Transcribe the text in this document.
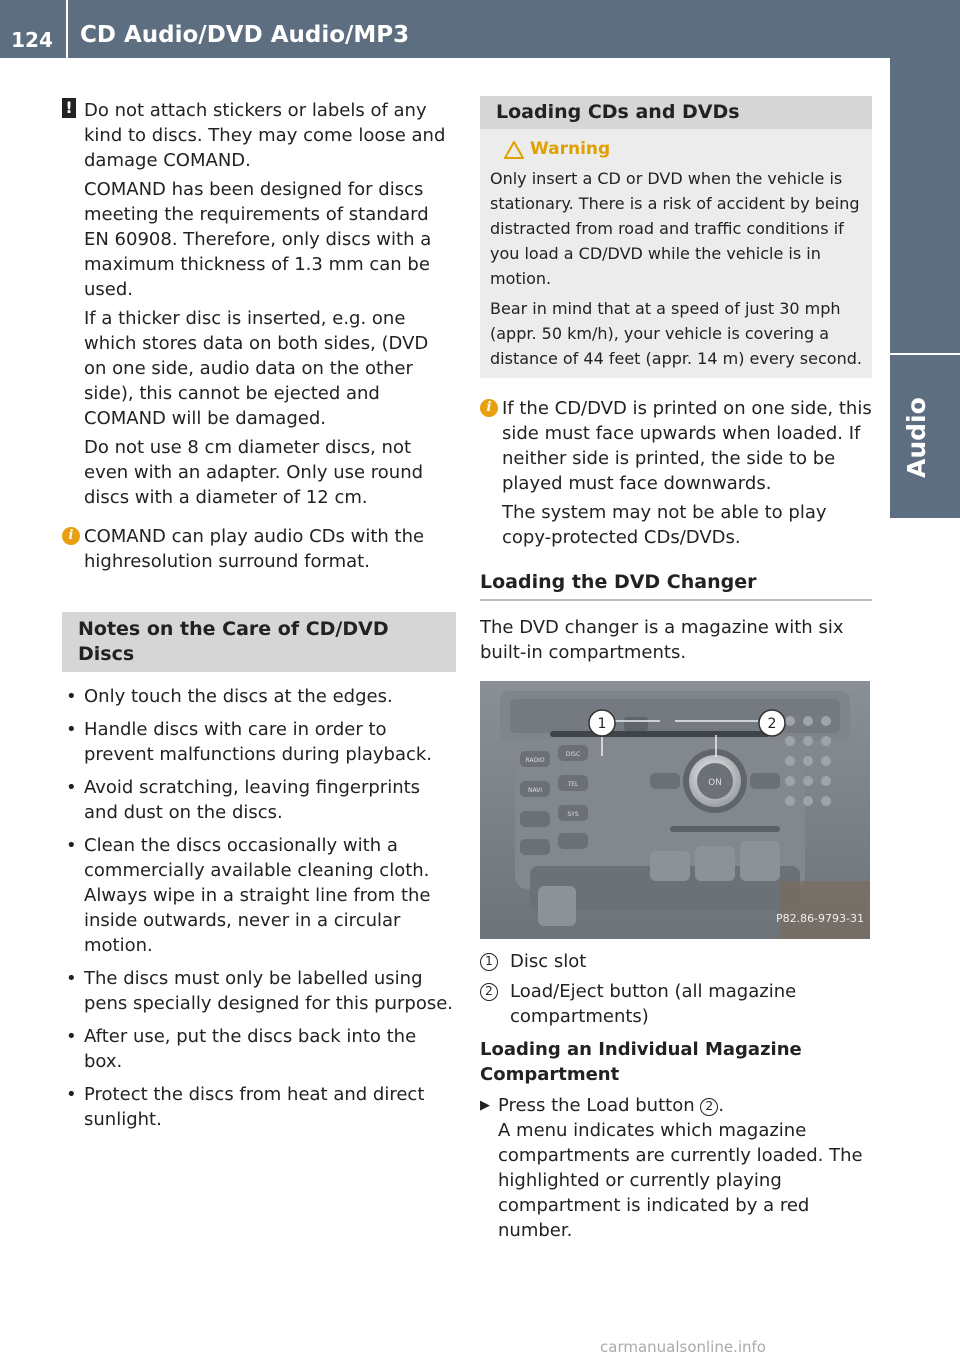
124	CD Audio/DVD Audio/MP3
Audio
! Do not attach stickers or labels of any kind to discs. They may come loose and damage COMAND.

COMAND has been designed for discs meeting the requirements of standard EN 60908. Therefore, only discs with a maximum thickness of 1.3 mm can be used.

If a thicker disc is inserted, e.g. one which stores data on both sides, (DVD on one side, audio data on the other side), this cannot be ejected and COMAND will be damaged.

Do not use 8 cm diameter discs, not even with an adapter. Only use round discs with a diameter of 12 cm.

i COMAND can play audio CDs with the highresolution surround format.

Notes on the Care of CD/DVD Discs
• Only touch the discs at the edges.
• Handle discs with care in order to prevent malfunctions during playback.
• Avoid scratching, leaving fingerprints and dust on the discs.
• Clean the discs occasionally with a commercially available cleaning cloth. Always wipe in a straight line from the inside outwards, never in a circular motion.
• The discs must only be labelled using pens specially designed for this purpose.
• After use, put the discs back into the box.
• Protect the discs from heat and direct sunlight.
Loading CDs and DVDs
Warning

Only insert a CD or DVD when the vehicle is stationary. There is a risk of accident by being distracted from road and traffic conditions if you load a CD/DVD while the vehicle is in motion.

Bear in mind that at a speed of just 30 mph (appr. 50 km/h), your vehicle is covering a distance of 44 feet (appr. 14 m) every second.

i If the CD/DVD is printed on one side, this side must face upwards when loaded. If neither side is printed, the side to be played must face downwards.

The system may not be able to play copy-protected CDs/DVDs.

Loading the DVD Changer

The DVD changer is a magazine with six built-in compartments.

ON
RADIO
DISC
NAVI
TEL
SYS
1	2
P82.86-9793-31
1 Disc slot
2 Load/Eject button (all magazine compartments)
Loading an Individual Magazine Compartment
▶ Press the Load button 2 .
A menu indicates which magazine compartments are currently loaded. The highlighted or currently playing compartment is indicated by a red number.
carmanualsonline.info
